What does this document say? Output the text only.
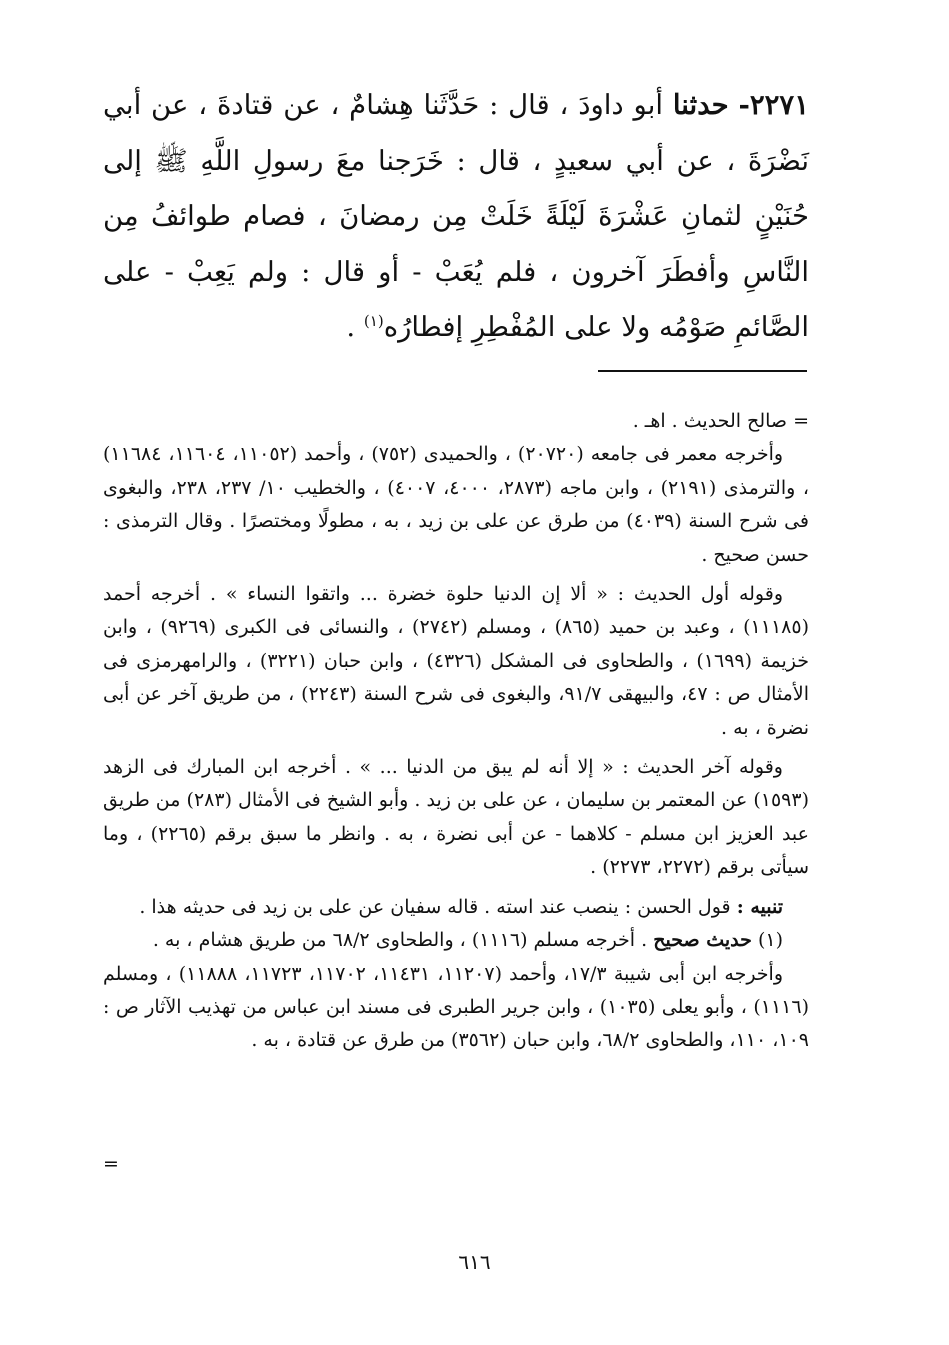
٢٢٧١- حدثنا أبو داودَ ، قال : حَدَّثَنا هِشامٌ ، عن قتادةَ ، عن أبي نَضْرَةَ ، عن أبي سعيدٍ ، قال : خَرَجنا معَ رسولِ اللَّهِ ﷺ إلى حُنَيْنٍ لثمانِ عَشْرَةَ لَيْلَةً خَلَتْ مِن رمضانَ ، فصام طوائفُ مِن النَّاسِ وأفطَرَ آخرون ، فلم يُعَبْ - أو قال : ولم يَعِبْ - على الصَّائمِ صَوْمُه ولا على المُفْطِرِ إفطارُه$^{(١)}$ .

= صالح الحديث . اهـ .

وأخرجه معمر فى جامعه (٢٠٧٢٠) ، والحميدى (٧٥٢) ، وأحمد (١١٠٥٢، ١١٦٠٤، ١١٦٨٤) ، والترمذى (٢١٩١) ، وابن ماجه (٢٨٧٣، ٤٠٠٠، ٤٠٠٧) ، والخطيب ١٠/ ٢٣٧، ٢٣٨، والبغوى فى شرح السنة (٤٠٣٩) من طرق عن على بن زيد ، به ، مطولًا ومختصرًا . وقال الترمذى : حسن صحيح .

وقوله أول الحديث : « ألا إن الدنيا حلوة خضرة ... واتقوا النساء » . أخرجه أحمد (١١١٨٥) ، وعبد بن حميد (٨٦٥) ، ومسلم (٢٧٤٢) ، والنسائى فى الكبرى (٩٢٦٩) ، وابن خزيمة (١٦٩٩) ، والطحاوى فى المشكل (٤٣٢٦) ، وابن حبان (٣٢٢١) ، والرامهرمزى فى الأمثال ص : ٤٧، والبيهقى ٩١/٧، والبغوى فى شرح السنة (٢٢٤٣) ، من طريق آخر عن أبى نضرة ، به .

وقوله آخر الحديث : « إلا أنه لم يبق من الدنيا ... » . أخرجه ابن المبارك فى الزهد (١٥٩٣) عن المعتمر بن سليمان ، عن على بن زيد . وأبو الشيخ فى الأمثال (٢٨٣) من طريق عبد العزيز ابن مسلم - كلاهما - عن أبى نضرة ، به . وانظر ما سبق برقم (٢٢٦٥) ، وما سيأتى برقم (٢٢٧٢، ٢٢٧٣) .

تنبيه : قول الحسن : ينصب عند استه . قاله سفيان عن على بن زيد فى حديثه هذا .

(١) حديث صحيح . أخرجه مسلم (١١١٦) ، والطحاوى ٦٨/٢ من طريق هشام ، به .

وأخرجه ابن أبى شيبة ١٧/٣، وأحمد (١١٢٠٧، ١١٤٣١، ١١٧٠٢، ١١٧٢٣، ١١٨٨٨) ، ومسلم (١١١٦) ، وأبو يعلى (١٠٣٥) ، وابن جرير الطبرى فى مسند ابن عباس من تهذيب الآثار ص : ١٠٩، ١١٠، والطحاوى ٦٨/٢، وابن حبان (٣٥٦٢) من طرق عن قتادة ، به .

=
٦١٦
